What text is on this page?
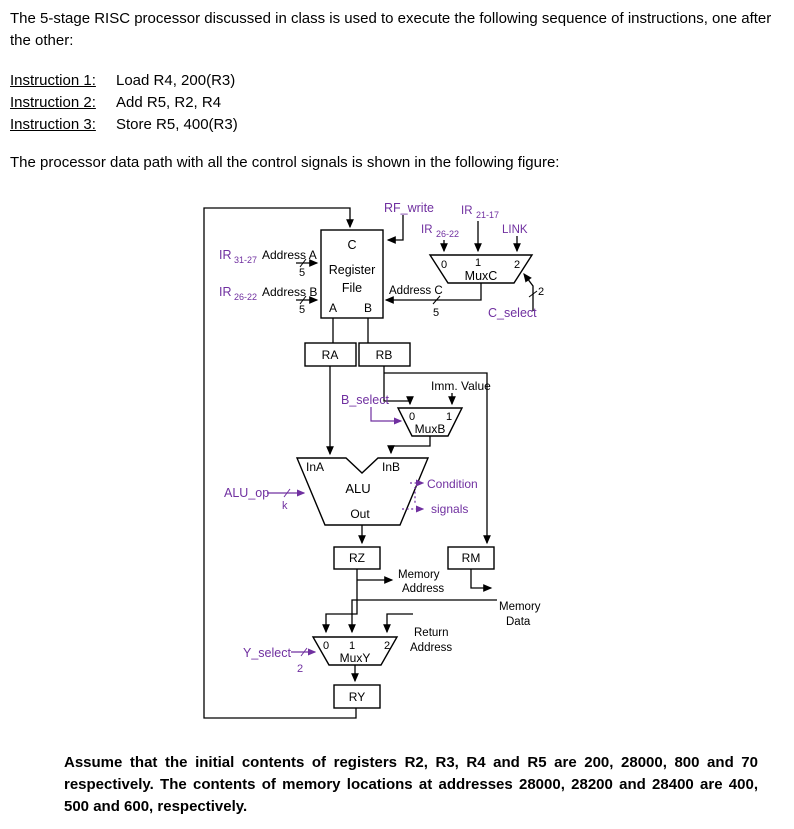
The 5-stage RISC processor discussed in class is used to execute the following sequence of instructions, one after the other:
Instruction 1: Load R4, 200(R3)
Instruction 2: Add R5, R2, R4
Instruction 3: Store R5, 400(R3)
The processor data path with all the control signals is shown in the following figure:
RF_write
IR 26-22
IR 21-17
LINK
0	1	2
MuxC
2
C_select
Address C
5
IR 31-27 Address A
5
IR 26-22 Address B
5
C
Register
File
A B
RA	RB
Imm. Value
0	1
MuxB
B_select
InA	InB
ALU
Out
ALU_op
k
Condition
signals
RZ	RM
Memory
Address
Memory
Data
Return
Address
0 1	2
MuxY
Y_select
2
RY
Assume that the initial contents of registers R2, R3, R4 and R5 are 200, 28000, 800 and 70 respectively. The contents of memory locations at addresses 28000, 28200 and 28400 are 400, 500 and 600, respectively.
